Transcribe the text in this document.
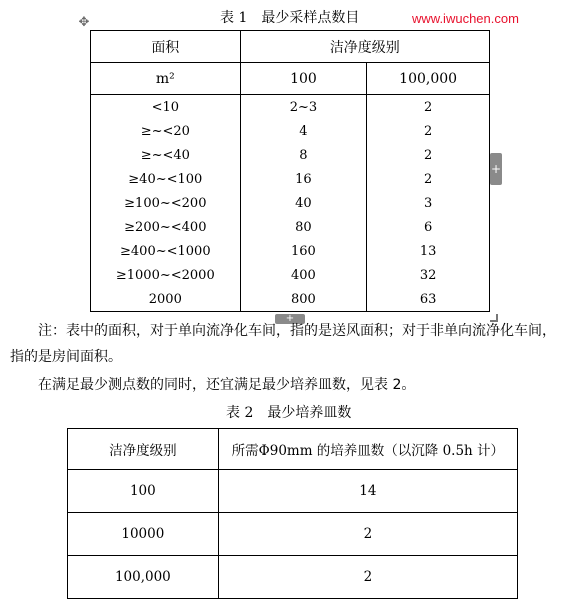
表 1　最少采样点数目	www.iwuchen.com
✥
面积	洁净度级别	
m²	100	100,000
<10	2~3	2
≥~<20	4	2
≥~<40	8	2
≥40~<100	16	2
≥100~<200	40	3
≥200~<400	80	6
≥400~<1000	160	13
≥1000~<2000	400	32
2000	800	63
+
+
注：表中的面积，对于单向流净化车间，指的是送风面积；对于非单向流净化车间，
指的是房间面积。
在满足最少测点数的同时，还宜满足最少培养皿数，见表 2。
表 2　最少培养皿数
洁净度级别	所需Φ90mm 的培养皿数（以沉降 0.5h 计）
100	14
10000	2
100,000	2
